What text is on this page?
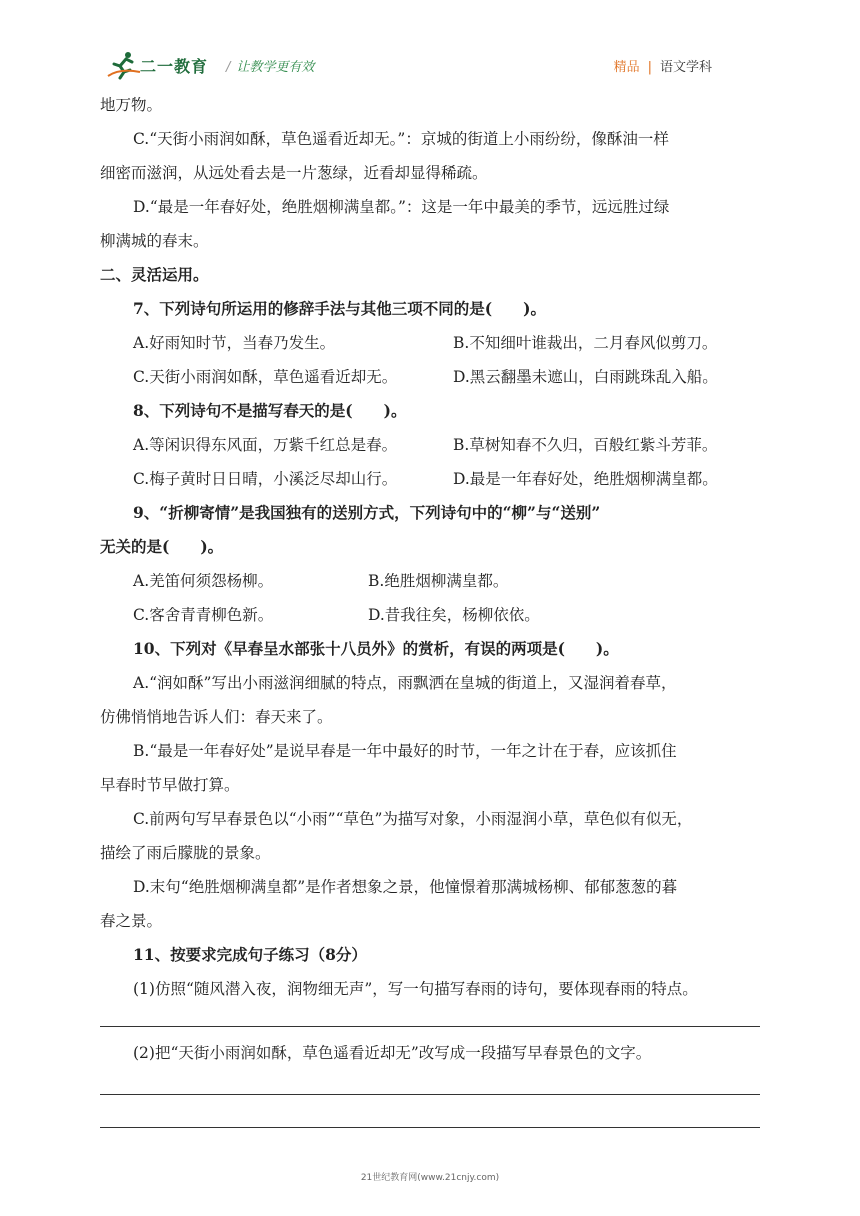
二一教育 / 让教学更有效	精品 | 语文学科
地万物。
C.“天街小雨润如酥，草色遥看近却无。”：京城的街道上小雨纷纷，像酥油一样
细密而滋润，从远处看去是一片葱绿，近看却显得稀疏。
D.“最是一年春好处，绝胜烟柳满皇都。”：这是一年中最美的季节，远远胜过绿
柳满城的春末。
二、灵活运用。
7、下列诗句所运用的修辞手法与其他三项不同的是(　　)。
A.好雨知时节，当春乃发生。	B.不知细叶谁裁出，二月春风似剪刀。
C.天街小雨润如酥，草色遥看近却无。	D.黑云翻墨未遮山，白雨跳珠乱入船。
8、下列诗句不是描写春天的是(　　)。
A.等闲识得东风面，万紫千红总是春。	B.草树知春不久归，百般红紫斗芳菲。
C.梅子黄时日日晴，小溪泛尽却山行。	D.最是一年春好处，绝胜烟柳满皇都。
9、“折柳寄情”是我国独有的送别方式，下列诗句中的“柳”与“送别”
无关的是(　　)。
A.羌笛何须怨杨柳。	B.绝胜烟柳满皇都。
C.客舍青青柳色新。	D.昔我往矣，杨柳依依。
10、下列对《早春呈水部张十八员外》的赏析，有误的两项是(　　)。
A.“润如酥”写出小雨滋润细腻的特点，雨飘洒在皇城的街道上，又湿润着春草，
仿佛悄悄地告诉人们：春天来了。
B.“最是一年春好处”是说早春是一年中最好的时节，一年之计在于春，应该抓住
早春时节早做打算。
C.前两句写早春景色以“小雨”“草色”为描写对象，小雨湿润小草，草色似有似无，
描绘了雨后朦胧的景象。
D.末句“绝胜烟柳满皇都”是作者想象之景，他憧憬着那满城杨柳、郁郁葱葱的暮
春之景。
11、按要求完成句子练习（8分）
(1)仿照“随风潜入夜，润物细无声”，写一句描写春雨的诗句，要体现春雨的特点。
(2)把“天街小雨润如酥，草色遥看近却无”改写成一段描写早春景色的文字。
21世纪教育网(www.21cnjy.com)
